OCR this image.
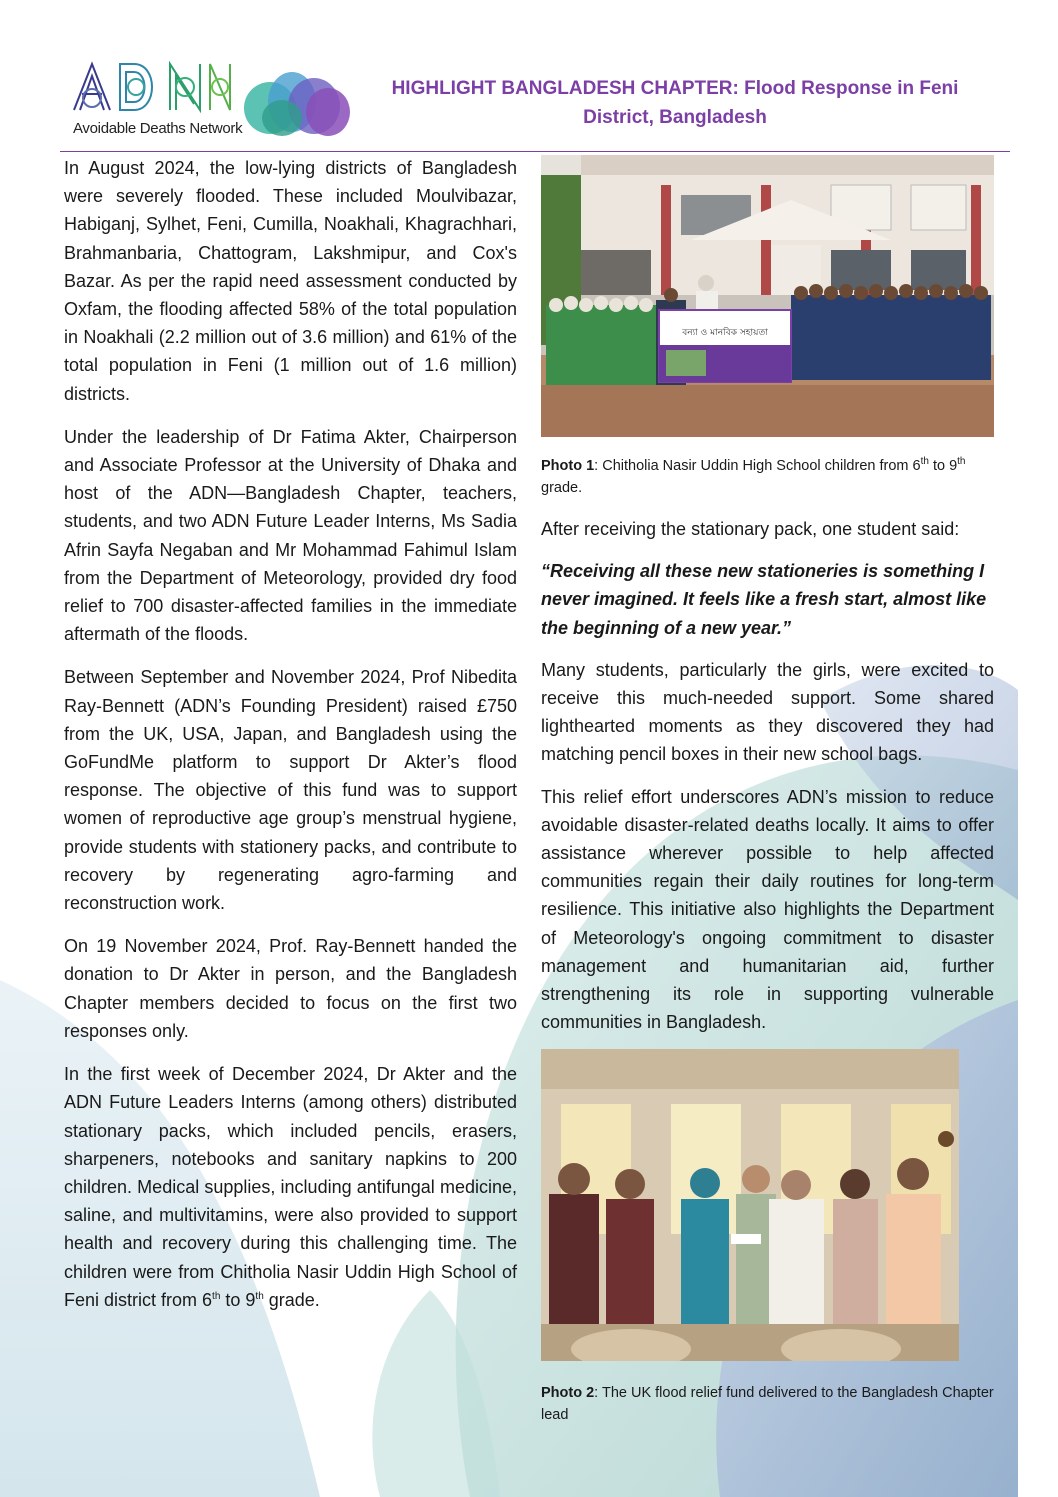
Avoidable Deaths Network
HIGHLIGHT BANGLADESH CHAPTER: Flood Response in Feni
District, Bangladesh

In August 2024, the low-lying districts of Bangladesh were severely flooded. These included Moulvibazar, Habiganj, Sylhet, Feni, Cumilla, Noakhali, Khagrachhari, Brahmanbaria, Chattogram, Lakshmipur, and Cox's Bazar. As per the rapid need assessment conducted by Oxfam, the flooding affected 58% of the total population in Noakhali (2.2 million out of 3.6 million) and 61% of the total population in Feni (1 million out of 1.6 million) districts.

Under the leadership of Dr Fatima Akter, Chairperson and Associate Professor at the University of Dhaka and host of the ADN—Bangladesh Chapter, teachers, students, and two ADN Future Leader Interns, Ms Sadia Afrin Sayfa Negaban and Mr Mohammad Fahimul Islam from the Department of Meteorology, provided dry food relief to 700 disaster-affected families in the immediate aftermath of the floods.

Between September and November 2024, Prof Nibedita Ray-Bennett (ADN’s Founding President) raised £750 from the UK, USA, Japan, and Bangladesh using the GoFundMe platform to support Dr Akter’s flood response. The objective of this fund was to support women of reproductive age group’s menstrual hygiene, provide students with stationery packs, and contribute to recovery by regenerating agro-farming and reconstruction work.

On 19 November 2024, Prof. Ray-Bennett handed the donation to Dr Akter in person, and the Bangladesh Chapter members decided to focus on the first two responses only.

In the first week of December 2024, Dr Akter and the ADN Future Leaders Interns (among others) distributed stationary packs, which included pencils, erasers, sharpeners, notebooks and sanitary napkins to 200 children. Medical supplies, including antifungal medicine, saline, and multivitamins, were also provided to support health and recovery during this challenging time. The children were from Chitholia Nasir Uddin High School of Feni district from 6th to 9th grade.

বন্যা ও মানবিক সহায়তা
Photo 1: Chitholia Nasir Uddin High School children from 6th to 9th grade.

After receiving the stationary pack, one student said:

“Receiving all these new stationeries is something I never imagined. It feels like a fresh start, almost like the beginning of a new year.”

Many students, particularly the girls, were excited to receive this much-needed support. Some shared lighthearted moments as they discovered they had matching pencil boxes in their new school bags.

This relief effort underscores ADN’s mission to reduce avoidable disaster-related deaths locally. It aims to offer assistance wherever possible to help affected communities regain their daily routines for long-term resilience. This initiative also highlights the Department of Meteorology's ongoing commitment to disaster management and humanitarian aid, further strengthening its role in supporting vulnerable communities in Bangladesh.

Photo 2: The UK flood relief fund delivered to the Bangladesh Chapter lead
